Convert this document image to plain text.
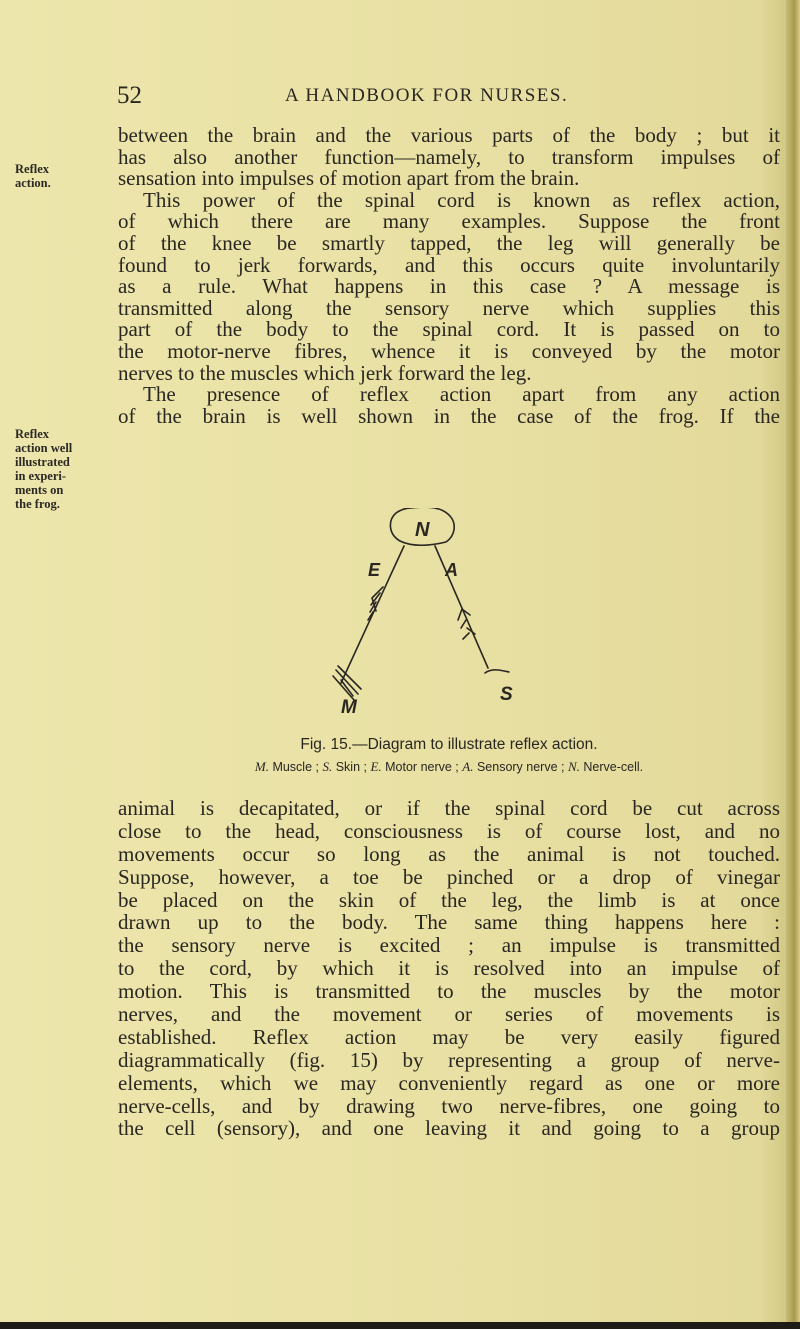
52	A HANDBOOK FOR NURSES.
Reflex
action.
Reflex
action well
illustrated
in experi-
ments on
the frog.
between the brain and the various parts of the body ; but it
has also another function—namely, to transform impulses of
sensation into impulses of motion apart from the brain.
This power of the spinal cord is known as reflex action,
of which there are many examples. Suppose the front
of the knee be smartly tapped, the leg will generally be
found to jerk forwards, and this occurs quite involuntarily
as a rule. What happens in this case ? A message is
transmitted along the sensory nerve which supplies this
part of the body to the spinal cord. It is passed on to
the motor-nerve fibres, whence it is conveyed by the motor
nerves to the muscles which jerk forward the leg.
The presence of reflex action apart from any action
of the brain is well shown in the case of the frog. If the
N
E	A
M
S
Fig. 15.—Diagram to illustrate reflex action.
M. Muscle ; S. Skin ; E. Motor nerve ; A. Sensory nerve ; N. Nerve-cell.
animal is decapitated, or if the spinal cord be cut across
close to the head, consciousness is of course lost, and no
movements occur so long as the animal is not touched.
Suppose, however, a toe be pinched or a drop of vinegar
be placed on the skin of the leg, the limb is at once
drawn up to the body. The same thing happens here :
the sensory nerve is excited ; an impulse is transmitted
to the cord, by which it is resolved into an impulse of
motion. This is transmitted to the muscles by the motor
nerves, and the movement or series of movements is
established. Reflex action may be very easily figured
diagrammatically (fig. 15) by representing a group of nerve-
elements, which we may conveniently regard as one or more
nerve-cells, and by drawing two nerve-fibres, one going to
the cell (sensory), and one leaving it and going to a group
